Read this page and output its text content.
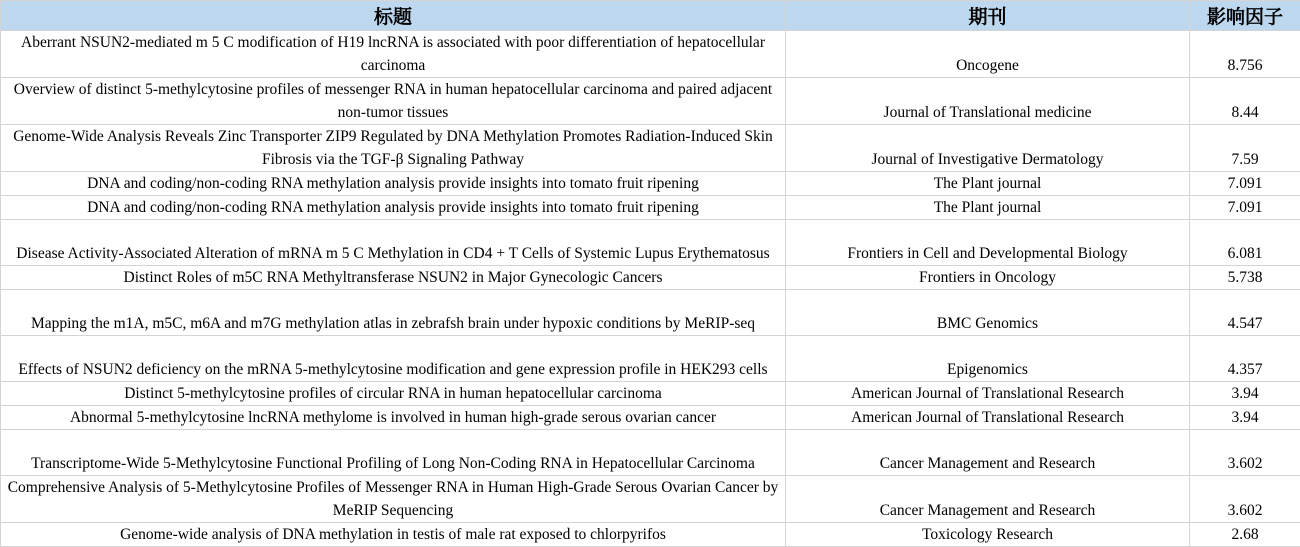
标题	期刊	影响因子
Aberrant NSUN2-mediated m 5 C modification of H19 lncRNA is associated with poor differentiation of hepatocellular carcinoma	Oncogene	8.756
Overview of distinct 5-methylcytosine profiles of messenger RNA in human hepatocellular carcinoma and paired adjacent non-tumor tissues	Journal of Translational medicine	8.44
Genome-Wide Analysis Reveals Zinc Transporter ZIP9 Regulated by DNA Methylation Promotes Radiation-Induced Skin Fibrosis via the TGF-β Signaling Pathway	Journal of Investigative Dermatology	7.59
DNA and coding/non-coding RNA methylation analysis provide insights into tomato fruit ripening	The Plant journal	7.091
DNA and coding/non-coding RNA methylation analysis provide insights into tomato fruit ripening	The Plant journal	7.091
Disease Activity-Associated Alteration of mRNA m 5 C Methylation in CD4 + T Cells of Systemic Lupus Erythematosus	Frontiers in Cell and Developmental Biology	6.081
Distinct Roles of m5C RNA Methyltransferase NSUN2 in Major Gynecologic Cancers	Frontiers in Oncology	5.738
Mapping the m1A, m5C, m6A and m7G methylation atlas in zebrafsh brain under hypoxic conditions by MeRIP-seq	BMC Genomics	4.547
Effects of NSUN2 deficiency on the mRNA 5-methylcytosine modification and gene expression profile in HEK293 cells	Epigenomics	4.357
Distinct 5-methylcytosine profiles of circular RNA in human hepatocellular carcinoma	American Journal of Translational Research	3.94
Abnormal 5-methylcytosine lncRNA methylome is involved in human high-grade serous ovarian cancer	American Journal of Translational Research	3.94
Transcriptome-Wide 5-Methylcytosine Functional Profiling of Long Non-Coding RNA in Hepatocellular Carcinoma	Cancer Management and Research	3.602
Comprehensive Analysis of 5-Methylcytosine Profiles of Messenger RNA in Human High-Grade Serous Ovarian Cancer by MeRIP Sequencing	Cancer Management and Research	3.602
Genome-wide analysis of DNA methylation in testis of male rat exposed to chlorpyrifos	Toxicology Research	2.68
